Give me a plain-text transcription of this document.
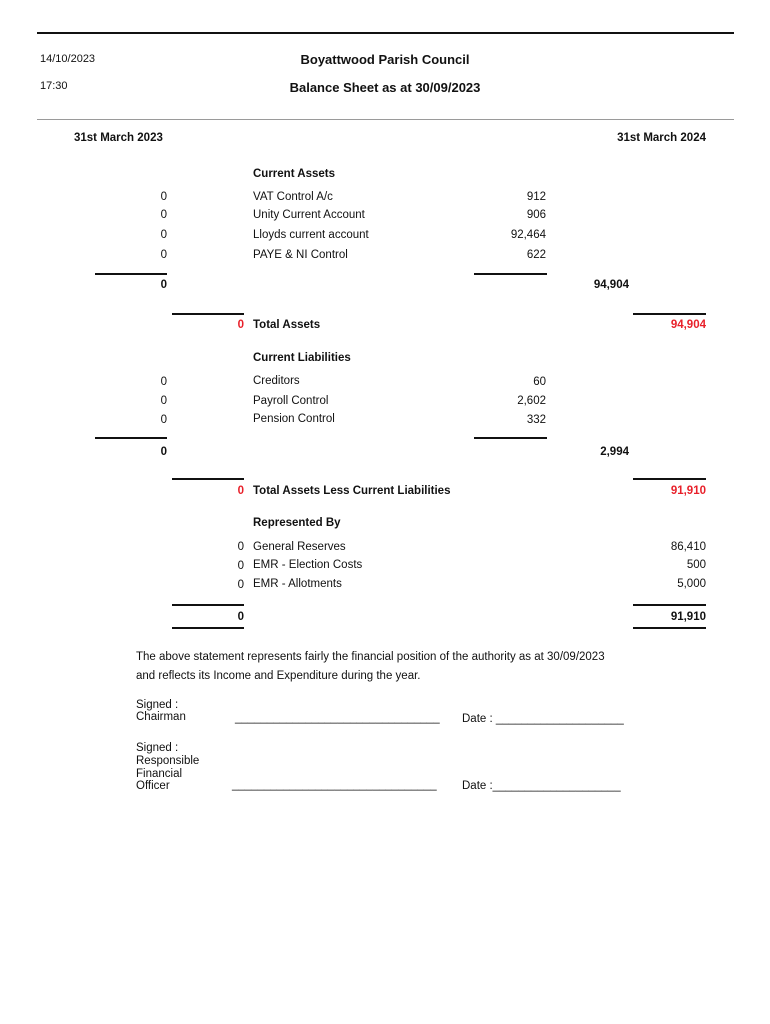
14/10/2023
17:30
Boyattwood Parish Council
Balance Sheet as at 30/09/2023
31st March 2023	31st March 2024
Current Assets
0	VAT Control A/c	912
0	Unity Current Account	906
0	Lloyds current account	92,464
0	PAYE & NI Control	622
0	94,904
0 Total Assets	94,904
Current Liabilities
0	Creditors	60
0	Payroll Control	2,602
0	Pension Control	332
0	2,994
0 Total Assets Less Current Liabilities	91,910
Represented By
0 General Reserves	86,410
0 EMR - Election Costs	500
0 EMR - Allotments	5,000
0	91,910
The above statement represents fairly the financial position of the authority as at 30/09/2023
and reflects its Income and Expenditure during the year.
Signed :
Chairman	________________________________ Date : ____________________
Signed :
Responsible
Financial
Officer	________________________________ Date :____________________
